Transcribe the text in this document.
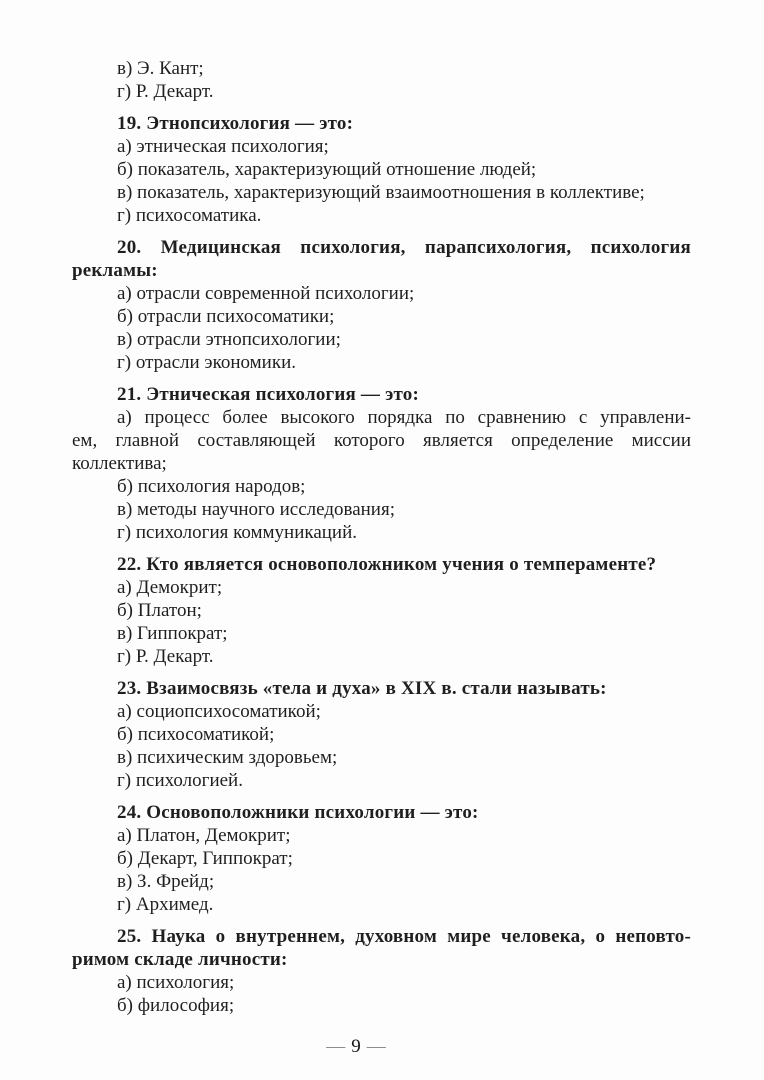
в) Э. Кант;
г) Р. Декарт.
19. Этнопсихология — это:
а) этническая психология;
б) показатель, характеризующий отношение людей;
в) показатель, характеризующий взаимоотношения в коллективе;
г) психосоматика.
20. Медицинская психология, парапсихология, психология
рекламы:
а) отрасли современной психологии;
б) отрасли психосоматики;
в) отрасли этнопсихологии;
г) отрасли экономики.
21. Этническая психология — это:
а) процесс более высокого порядка по сравнению с управлени-
ем, главной составляющей которого является определение миссии
коллектива;
б) психология народов;
в) методы научного исследования;
г) психология коммуникаций.
22. Кто является основоположником учения о темпераменте?
а) Демокрит;
б) Платон;
в) Гиппократ;
г) Р. Декарт.
23. Взаимосвязь «тела и духа» в XIX в. стали называть:
а) социопсихосоматикой;
б) психосоматикой;
в) психическим здоровьем;
г) психологией.
24. Основоположники психологии — это:
а) Платон, Демокрит;
б) Декарт, Гиппократ;
в) З. Фрейд;
г) Архимед.
25. Наука о внутреннем, духовном мире человека, о неповто-
римом складе личности:
а) психология;
б) философия;
— 9 —
